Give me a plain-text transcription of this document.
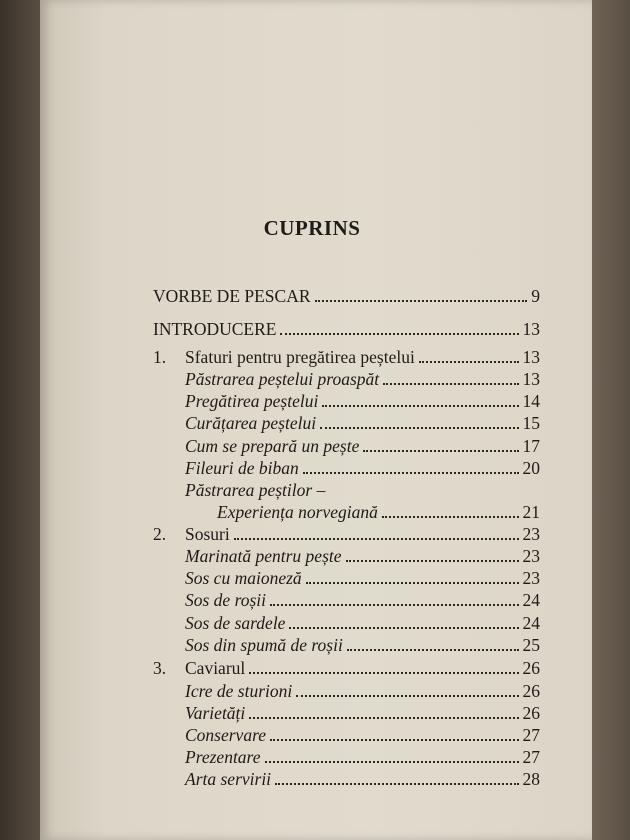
CUPRINS
VORBE DE PESCAR	9
INTRODUCERE	13
1. Sfaturi pentru pregătirea peștelui	13
Păstrarea peștelui proaspăt	13
Pregătirea peștelui	14
Curățarea peștelui	15
Cum se prepară un pește	17
Fileuri de biban	20
Păstrarea peștilor –
Experiența norvegiană	21
2. Sosuri	23
Marinată pentru pește	23
Sos cu maioneză	23
Sos de roșii	24
Sos de sardele	24
Sos din spumă de roșii	25
3. Caviarul	26
Icre de sturioni	26
Varietăți	26
Conservare	27
Prezentare	27
Arta servirii	28
